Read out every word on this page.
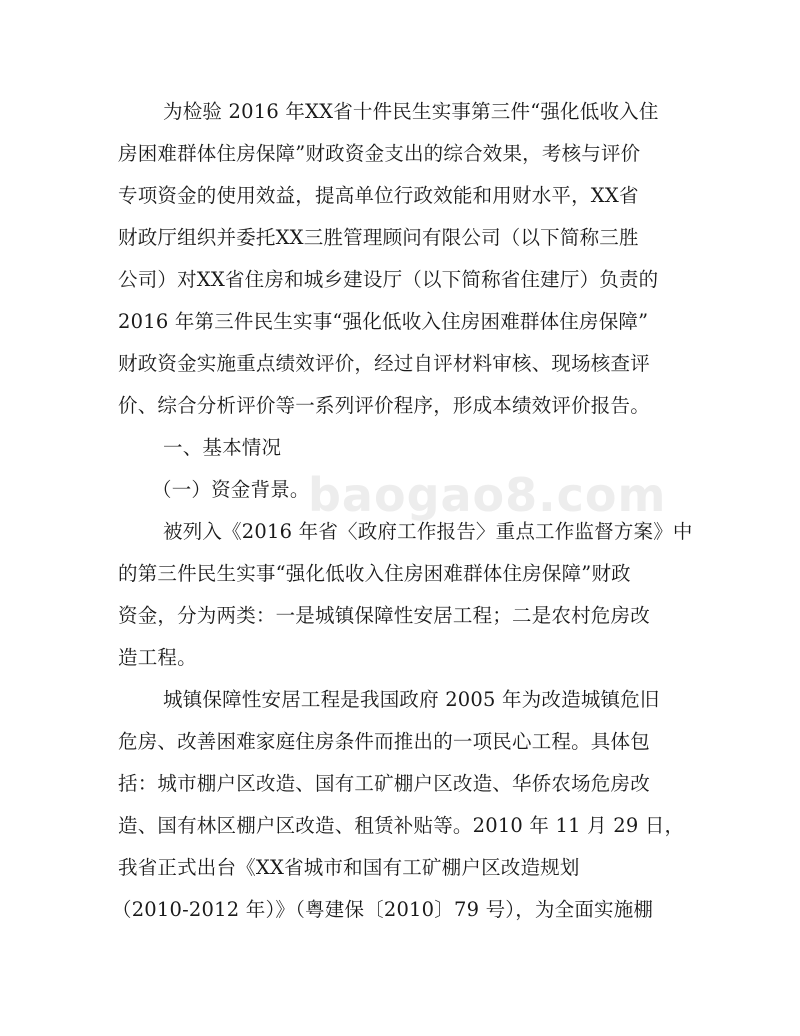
baogao8.com
为检验 2016 年XX省十件民生实事第三件“强化低收入住
房困难群体住房保障”财政资金支出的综合效果，考核与评价
专项资金的使用效益，提高单位行政效能和用财水平，XX省
财政厅组织并委托XX三胜管理顾问有限公司（以下简称三胜
公司）对XX省住房和城乡建设厅（以下简称省住建厅）负责的
2016 年第三件民生实事“强化低收入住房困难群体住房保障”
财政资金实施重点绩效评价，经过自评材料审核、现场核查评
价、综合分析评价等一系列评价程序，形成本绩效评价报告。
一、基本情况
（一）资金背景。
被列入《2016 年省〈政府工作报告〉重点工作监督方案》中
的第三件民生实事“强化低收入住房困难群体住房保障”财政
资金，分为两类：一是城镇保障性安居工程；二是农村危房改
造工程。
城镇保障性安居工程是我国政府 2005 年为改造城镇危旧
危房、改善困难家庭住房条件而推出的一项民心工程。具体包
括：城市棚户区改造、国有工矿棚户区改造、华侨农场危房改
造、国有林区棚户区改造、租赁补贴等。2010 年 11 月 29 日，
我省正式出台《XX省城市和国有工矿棚户区改造规划
（2010-2012 年）》（粤建保〔2010〕79 号），为全面实施棚
